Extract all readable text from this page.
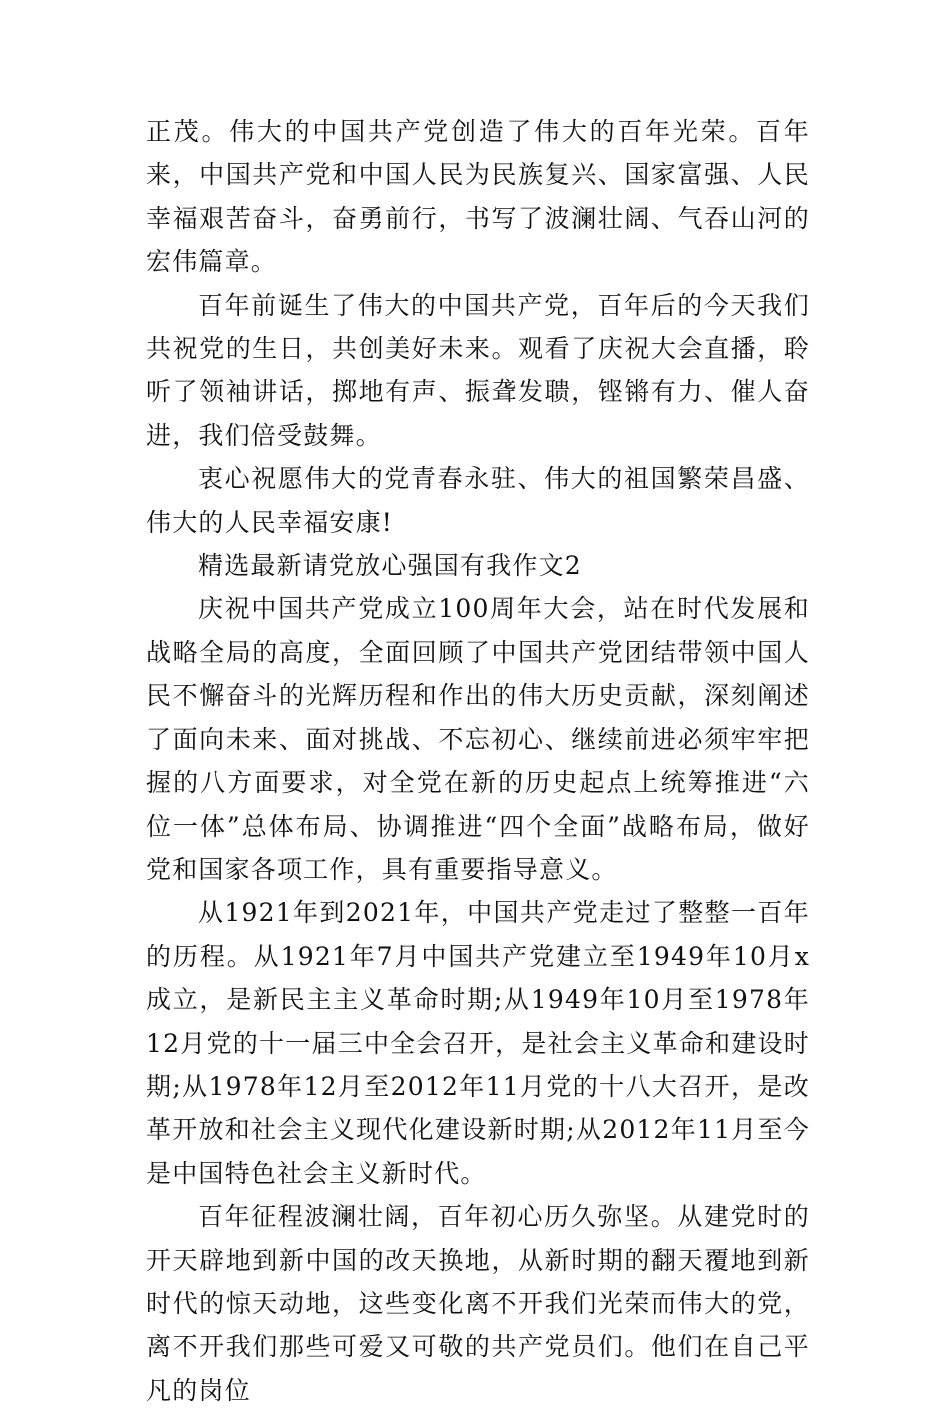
正茂。伟大的中国共产党创造了伟大的百年光荣。百年来，中国共产党和中国人民为民族复兴、国家富强、人民幸福艰苦奋斗，奋勇前行，书写了波澜壮阔、气吞山河的宏伟篇章。

百年前诞生了伟大的中国共产党，百年后的今天我们共祝党的生日，共创美好未来。观看了庆祝大会直播，聆听了领袖讲话，掷地有声、振聋发聩，铿锵有力、催人奋进，我们倍受鼓舞。

衷心祝愿伟大的党青春永驻、伟大的祖国繁荣昌盛、伟大的人民幸福安康!

精选最新请党放心强国有我作文2

庆祝中国共产党成立100周年大会，站在时代发展和战略全局的高度，全面回顾了中国共产党团结带领中国人民不懈奋斗的光辉历程和作出的伟大历史贡献，深刻阐述了面向未来、面对挑战、不忘初心、继续前进必须牢牢把握的八方面要求，对全党在新的历史起点上统筹推进“六位一体”总体布局、协调推进“四个全面”战略布局，做好党和国家各项工作，具有重要指导意义。

从1921年到2021年，中国共产党走过了整整一百年的历程。从1921年7月中国共产党建立至1949年10月x成立，是新民主主义革命时期;从1949年10月至1978年12月党的十一届三中全会召开，是社会主义革命和建设时期;从1978年12月至2012年11月党的十八大召开，是改革开放和社会主义现代化建设新时期;从2012年11月至今是中国特色社会主义新时代。

百年征程波澜壮阔，百年初心历久弥坚。从建党时的开天辟地到新中国的改天换地，从新时期的翻天覆地到新时代的惊天动地，这些变化离不开我们光荣而伟大的党，离不开我们那些可爱又可敬的共产党员们。他们在自己平凡的岗位
